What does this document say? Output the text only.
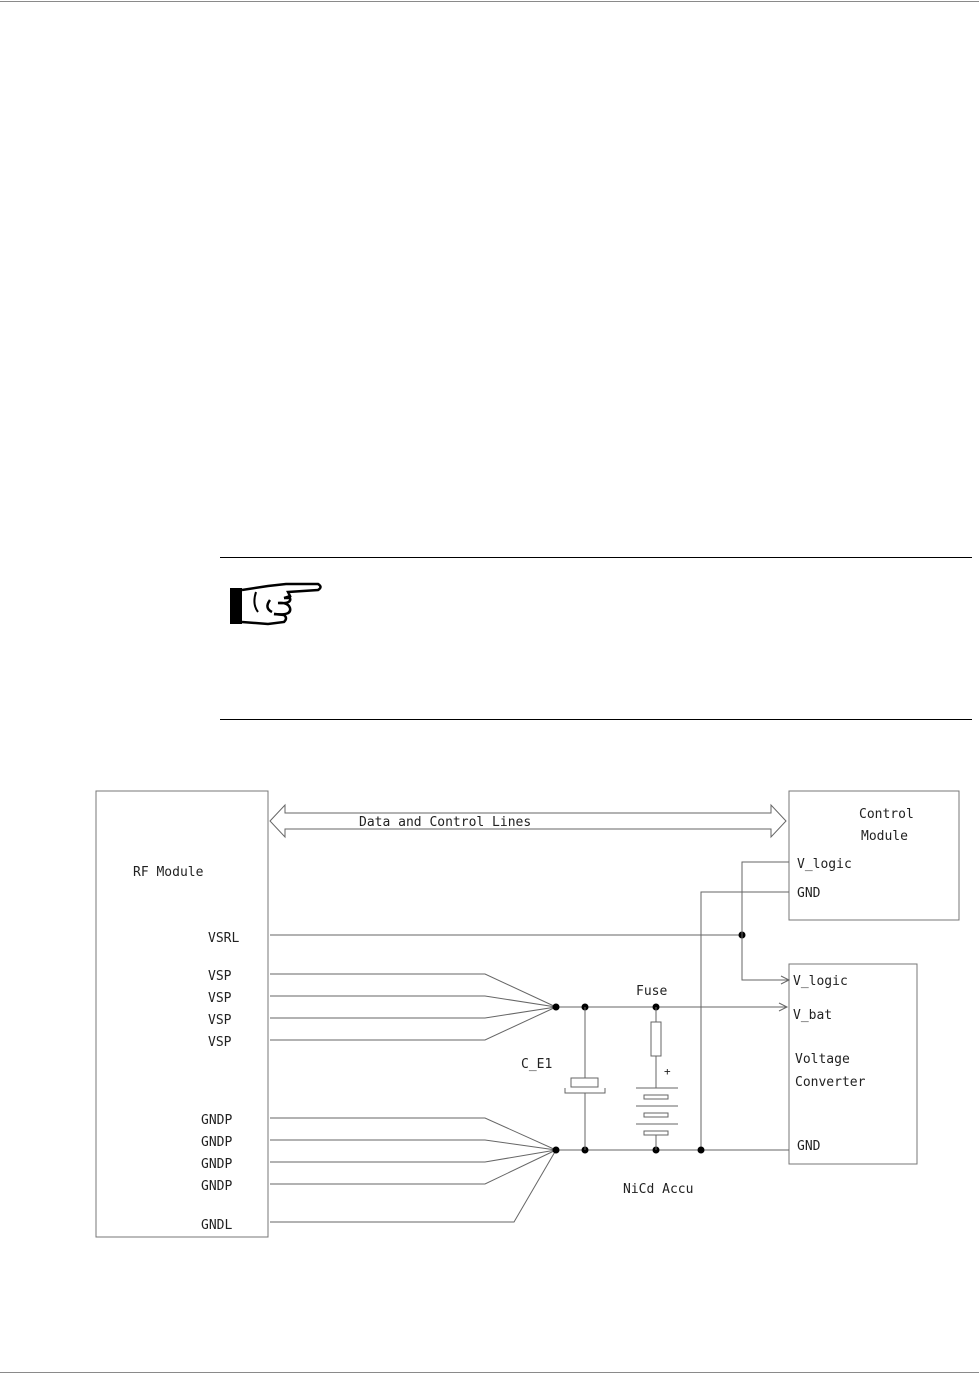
RF Module
Control
Module
Voltage
Converter
Data and Control Lines
VSRL
VSP
VSP
VSP
VSP
GNDP
GNDP
GNDP
GNDP
GNDL
V_logic
GND
V_logic
V_bat
GND
Fuse
C_E1	+
NiCd Accu
